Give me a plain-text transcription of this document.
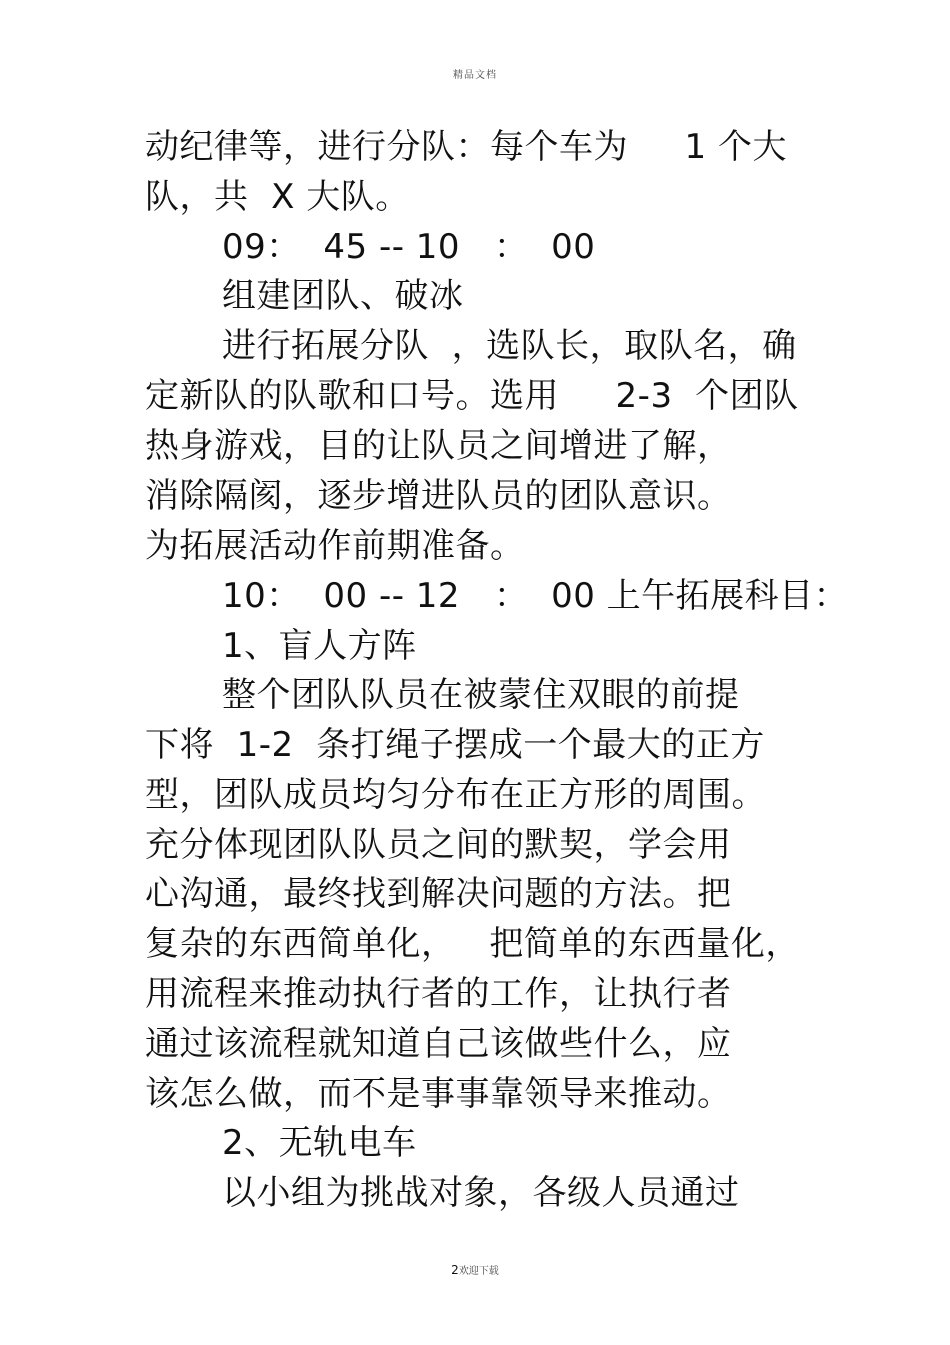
精品文档
动纪律等，进行分队：每个车为     1 个大
队，共  X 大队。
09：  45 -- 10   ：  00
组建团队、破冰
进行拓展分队  ，选队长，取队名，确
定新队的队歌和口号。选用     2-3  个团队
热身游戏，目的让队员之间增进了解，
消除隔阂，逐步增进队员的团队意识。
为拓展活动作前期准备。
10：  00 -- 12   ：  00 上午拓展科目：
1、盲人方阵
整个团队队员在被蒙住双眼的前提
下将  1-2  条打绳子摆成一个最大的正方
型，团队成员均匀分布在正方形的周围。
充分体现团队队员之间的默契，学会用
心沟通，最终找到解决问题的方法。把
复杂的东西简单化，   把简单的东西量化，
用流程来推动执行者的工作，让执行者
通过该流程就知道自己该做些什么，应
该怎么做，而不是事事靠领导来推动。
2、无轨电车
以小组为挑战对象，各级人员通过
2欢迎下载
